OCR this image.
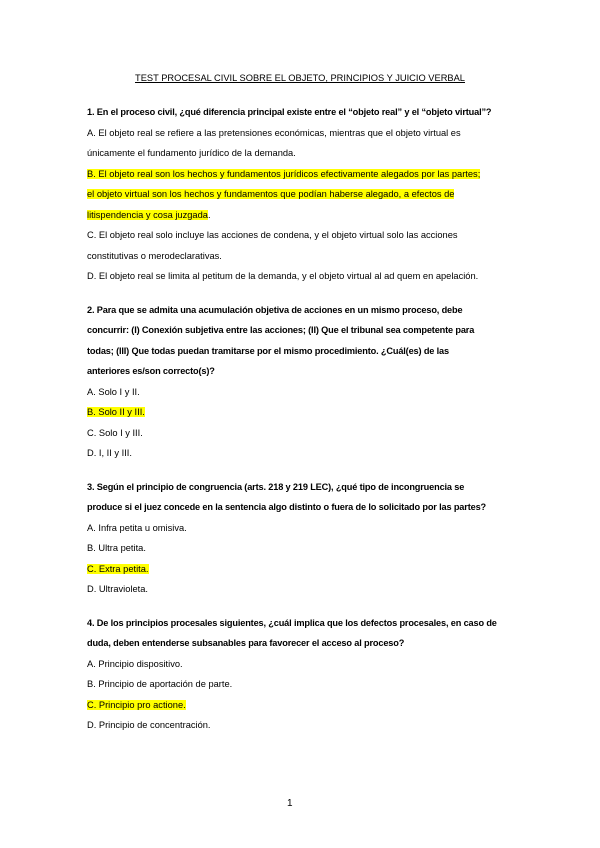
TEST PROCESAL CIVIL SOBRE EL OBJETO, PRINCIPIOS Y JUICIO VERBAL
1. En el proceso civil, ¿qué diferencia principal existe entre el “objeto real” y el “objeto virtual”?
A. El objeto real se refiere a las pretensiones económicas, mientras que el objeto virtual es
únicamente el fundamento jurídico de la demanda.
B. El objeto real son los hechos y fundamentos jurídicos efectivamente alegados por las partes;
el objeto virtual son los hechos y fundamentos que podían haberse alegado, a efectos de
litispendencia y cosa juzgada.
C. El objeto real solo incluye las acciones de condena, y el objeto virtual solo las acciones
constitutivas o merodeclarativas.
D. El objeto real se limita al petitum de la demanda, y el objeto virtual al ad quem en apelación.
2. Para que se admita una acumulación objetiva de acciones en un mismo proceso, debe
concurrir: (I) Conexión subjetiva entre las acciones; (II) Que el tribunal sea competente para
todas; (III) Que todas puedan tramitarse por el mismo procedimiento. ¿Cuál(es) de las
anteriores es/son correcto(s)?
A. Solo I y II.
B. Solo II y III.
C. Solo I y III.
D. I, II y III.
3. Según el principio de congruencia (arts. 218 y 219 LEC), ¿qué tipo de incongruencia se
produce si el juez concede en la sentencia algo distinto o fuera de lo solicitado por las partes?
A. Infra petita u omisiva.
B. Ultra petita.
C. Extra petita.
D. Ultravioleta.
4. De los principios procesales siguientes, ¿cuál implica que los defectos procesales, en caso de
duda, deben entenderse subsanables para favorecer el acceso al proceso?
A. Principio dispositivo.
B. Principio de aportación de parte.
C. Principio pro actione.
D. Principio de concentración.
1
